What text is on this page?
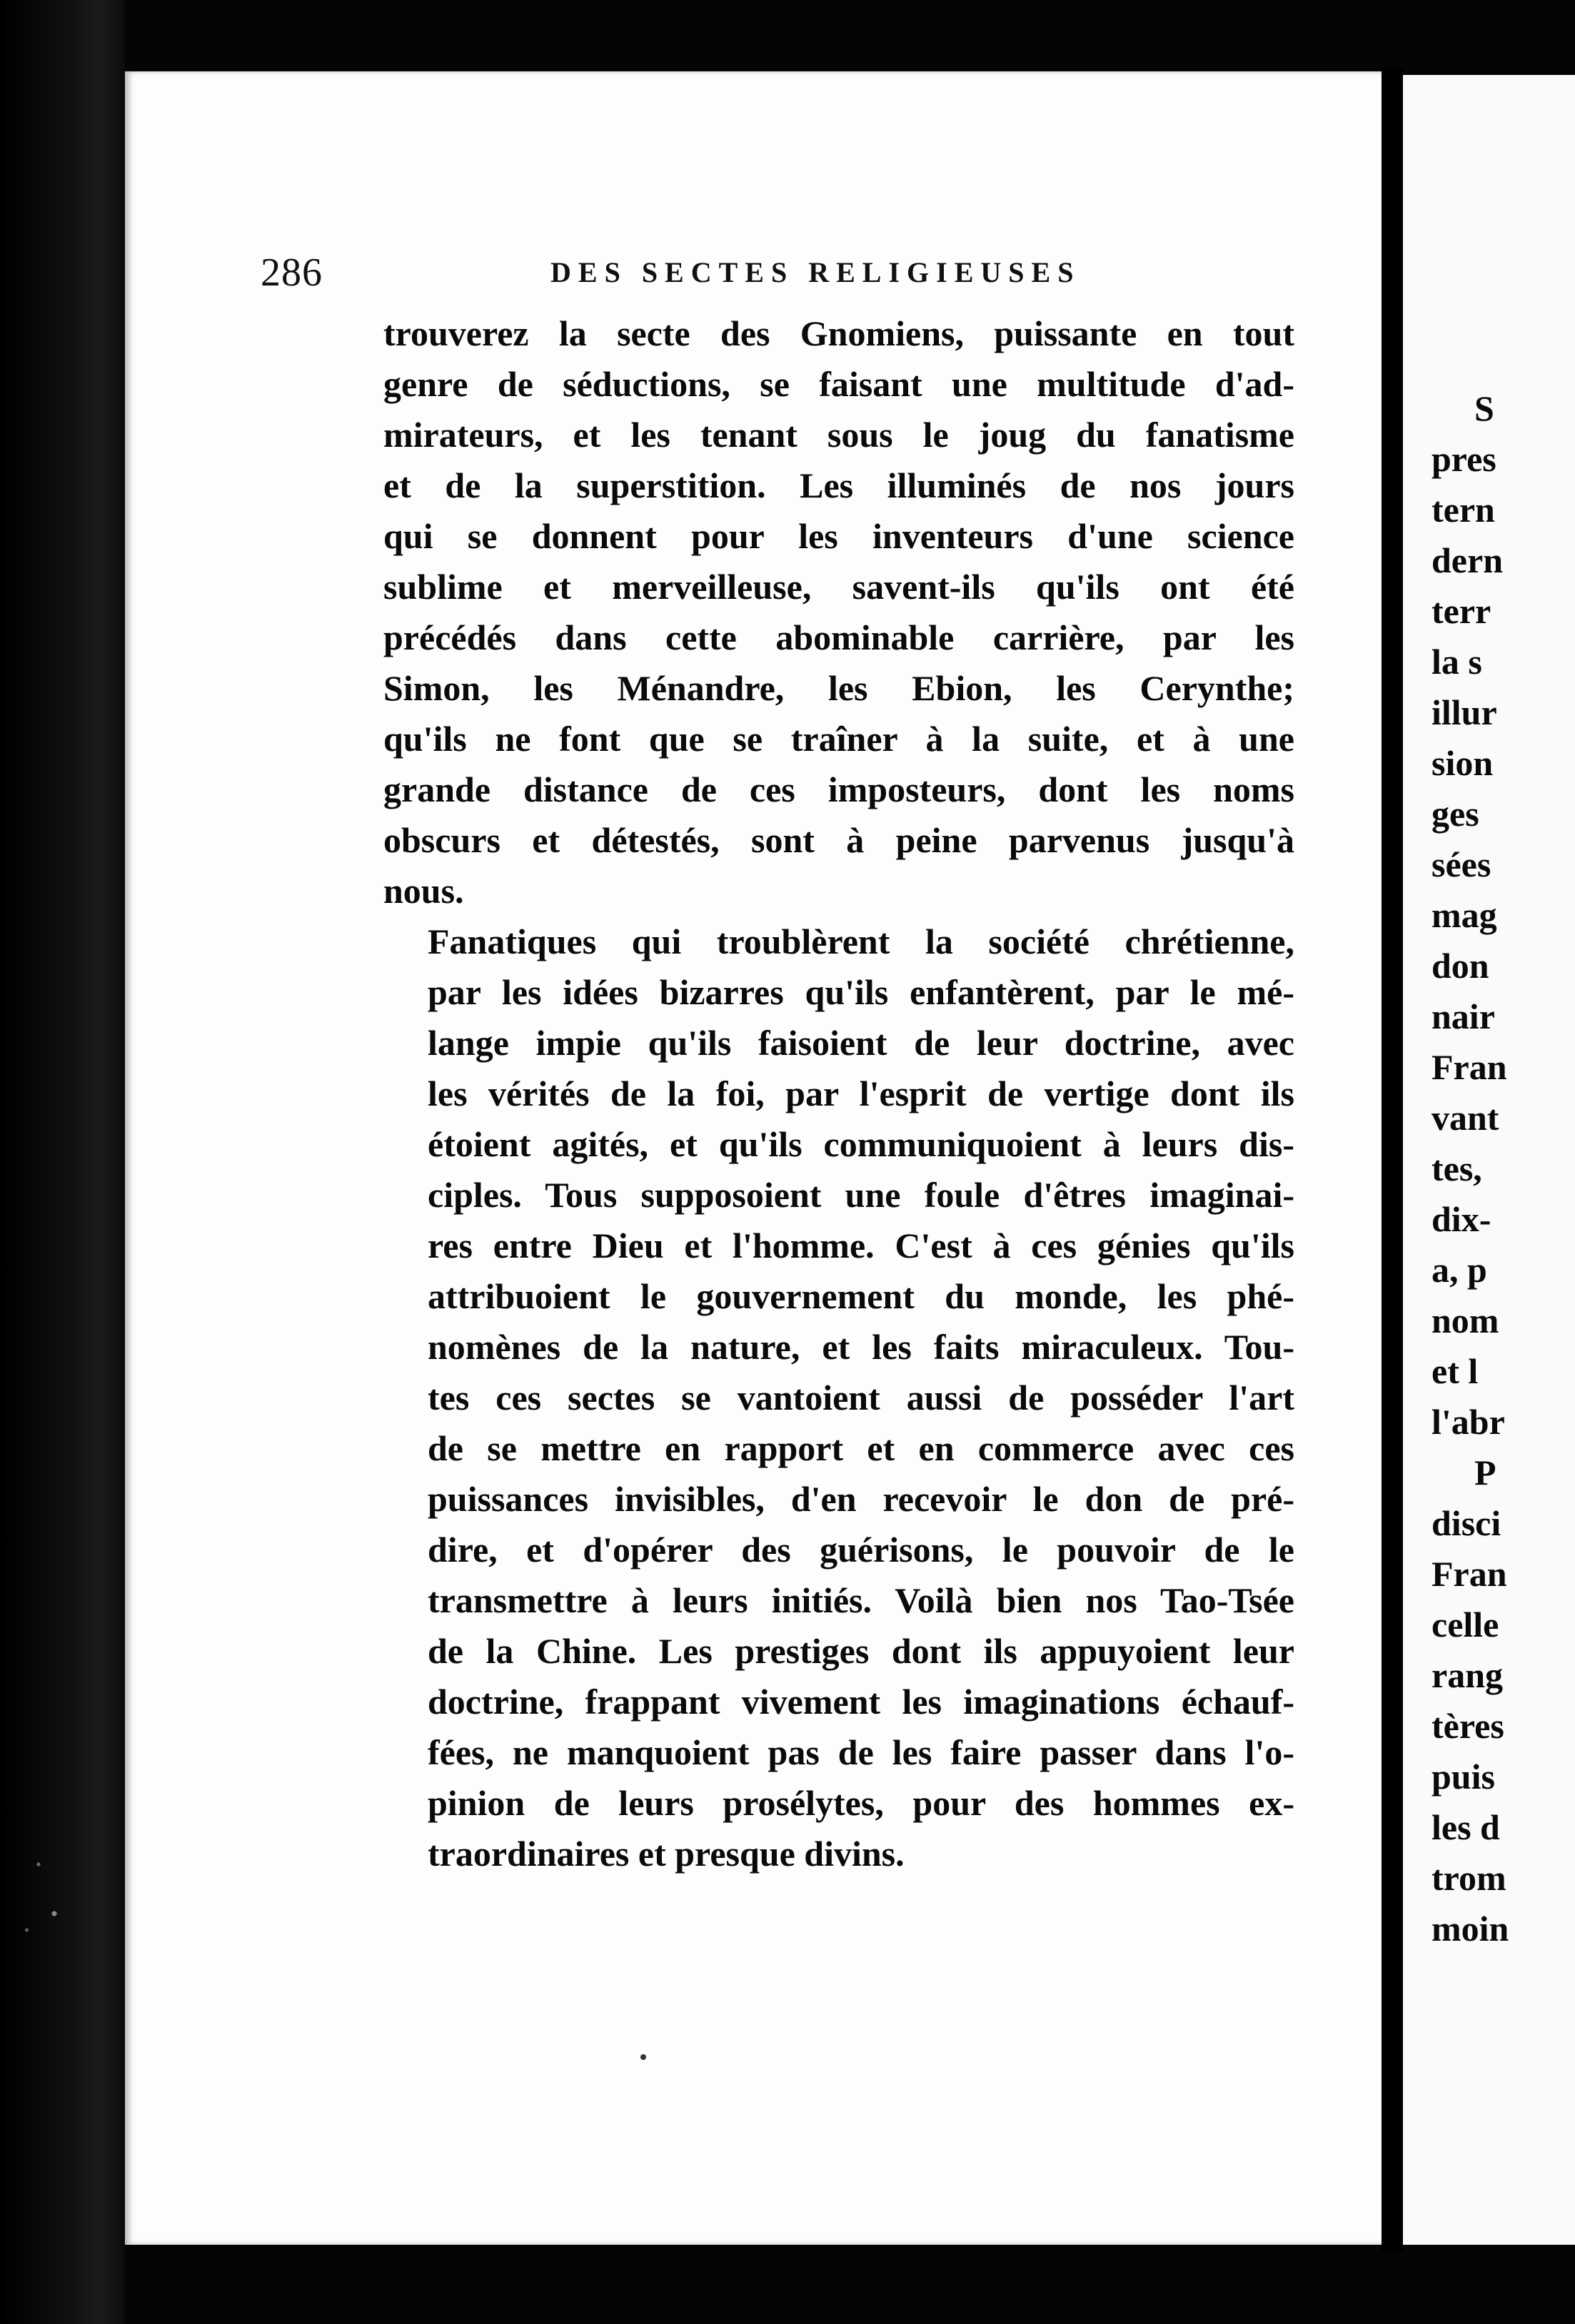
S
pres
tern
dern
terr
la s
illur
sion
ges
sées
mag
don
nair
Fran
vant
tes,
dix-
a, p
nom
et l
l'abr
P
disci
Fran
celle
rang
tères
puis
les d
trom
moin
286	DES SECTES RELIGIEUSES

trouverez la secte des Gnomiens, puissante en tout
genre de séductions, se faisant une multitude d'ad-
mirateurs, et les tenant sous le joug du fanatisme
et de la superstition. Les illuminés de nos jours
qui se donnent pour les inventeurs d'une science
sublime et merveilleuse, savent-ils qu'ils ont été
précédés dans cette abominable carrière, par les
Simon, les Ménandre, les Ebion, les Cerynthe;
qu'ils ne font que se traîner à la suite, et à une
grande distance de ces imposteurs, dont les noms
obscurs et détestés, sont à peine parvenus jusqu'à
nous.

Fanatiques qui troublèrent la société chrétienne,
par les idées bizarres qu'ils enfantèrent, par le mé-
lange impie qu'ils faisoient de leur doctrine, avec
les vérités de la foi, par l'esprit de vertige dont ils
étoient agités, et qu'ils communiquoient à leurs dis-
ciples. Tous supposoient une foule d'êtres imaginai-
res entre Dieu et l'homme. C'est à ces génies qu'ils
attribuoient le gouvernement du monde, les phé-
nomènes de la nature, et les faits miraculeux. Tou-
tes ces sectes se vantoient aussi de posséder l'art
de se mettre en rapport et en commerce avec ces
puissances invisibles, d'en recevoir le don de pré-
dire, et d'opérer des guérisons, le pouvoir de le
transmettre à leurs initiés. Voilà bien nos Tao-Tsée
de la Chine. Les prestiges dont ils appuyoient leur
doctrine, frappant vivement les imaginations échauf-
fées, ne manquoient pas de les faire passer dans l'o-
pinion de leurs prosélytes, pour des hommes ex-
traordinaires et presque divins.
